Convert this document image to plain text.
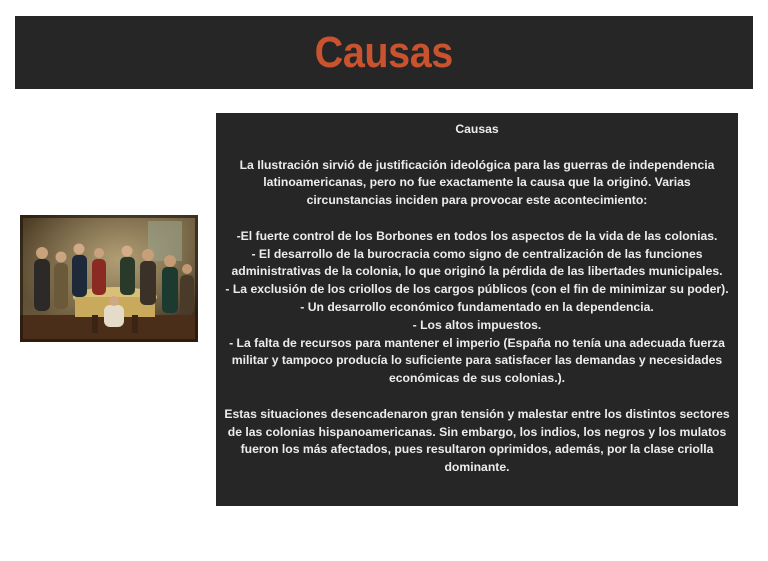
Causas

Causas

La Ilustración sirvió de justificación ideológica para las guerras de independencia latinoamericanas, pero no fue exactamente la causa que la originó. Varias circunstancias inciden para provocar este acontecimiento:

-El fuerte control de los Borbones en todos los aspectos de la vida de las colonias.

- El desarrollo de la burocracia como signo de centralización de las funciones administrativas de la colonia, lo que originó la pérdida de las libertades municipales.

- La exclusión de los criollos de los cargos públicos (con el fin de minimizar su poder).

- Un desarrollo económico fundamentado en la dependencia.

- Los altos impuestos.

- La falta de recursos para mantener el imperio (España no tenía una adecuada fuerza militar y tampoco producía lo suficiente para satisfacer las demandas y necesidades económicas de sus colonias.).

Estas situaciones desencadenaron gran tensión y malestar entre los distintos sectores de las colonias hispanoamericanas. Sin embargo, los indios, los negros y los mulatos fueron los más afectados, pues resultaron oprimidos, además, por la clase criolla dominante.
